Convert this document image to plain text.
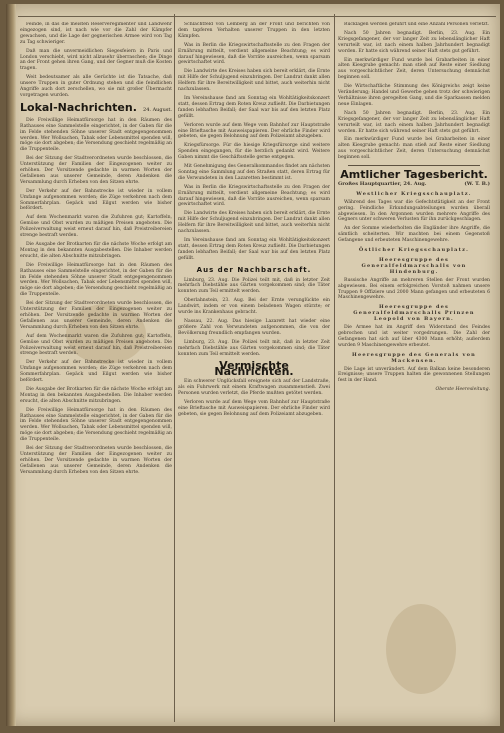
Feinde, in das die meisten Reserveregimenter und Landwehr eingezogen sind, ist nach wie vor die Zahl der Kämpfer gewachsen, und die Lage der gegnerischen Armee wird von Tag zu Tag schwieriger.

Daß man die unvermeidlichen Siegesfeiern in Paris und London verschiebt, wird nicht allzusehr überraschen; die Dinge an der Front gehen ihren Gang, und der Gegner muß die Kosten tragen.

Weit bedeutsamer als alle Gerüchte ist die Tatsache, daß unsere Truppen in guter Ordnung stehen und die feindlichen Angriffe auch dort zerschellen, wo sie mit großer Übermacht vorgetragen wurden.

Lokal-Nachrichten. 24. August.

Die Freiwillige Heimatfürsorge hat in den Räumen des Rathauses eine Sammelstelle eingerichtet, in der Gaben für die im Felde stehenden Söhne unserer Stadt entgegengenommen werden. Wer Wollsachen, Tabak oder Lebensmittel spenden will, möge sie dort abgeben; die Versendung geschieht regelmäßig an die Truppenteile.

Bei der Sitzung der Stadtverordneten wurde beschlossen, die Unterstützung der Familien der Eingezogenen weiter zu erhöhen. Der Vorsitzende gedachte in warmen Worten der Gefallenen aus unserer Gemeinde, deren Andenken die Versammlung durch Erheben von den Sitzen ehrte.

Der Verkehr auf der Bahnstrecke ist wieder in vollem Umfange aufgenommen worden; die Züge verkehren nach dem Sommerfahrplan. Gepäck und Eilgut werden wie bisher befördert.

Auf dem Wochenmarkt waren die Zufuhren gut; Kartoffeln, Gemüse und Obst wurden zu mäßigen Preisen angeboten. Die Polizeiverwaltung weist erneut darauf hin, daß Preistreibereien strenge bestraft werden.

Die Ausgabe der Brotkarten für die nächste Woche erfolgt am Montag in den bekannten Ausgabestellen. Die Inhaber werden ersucht, die alten Abschnitte mitzubringen.

Die Freiwillige Heimatfürsorge hat in den Räumen des Rathauses eine Sammelstelle eingerichtet, in der Gaben für die im Felde stehenden Söhne unserer Stadt entgegengenommen werden. Wer Wollsachen, Tabak oder Lebensmittel spenden will, möge sie dort abgeben; die Versendung geschieht regelmäßig an die Truppenteile.

Bei der Sitzung der Stadtverordneten wurde beschlossen, die Unterstützung der Familien der Eingezogenen weiter zu erhöhen. Der Vorsitzende gedachte in warmen Worten der Gefallenen aus unserer Gemeinde, deren Andenken die Versammlung durch Erheben von den Sitzen ehrte.

Auf dem Wochenmarkt waren die Zufuhren gut; Kartoffeln, Gemüse und Obst wurden zu mäßigen Preisen angeboten. Die Polizeiverwaltung weist erneut darauf hin, daß Preistreibereien strenge bestraft werden.

Der Verkehr auf der Bahnstrecke ist wieder in vollem Umfange aufgenommen worden; die Züge verkehren nach dem Sommerfahrplan. Gepäck und Eilgut werden wie bisher befördert.

Die Ausgabe der Brotkarten für die nächste Woche erfolgt am Montag in den bekannten Ausgabestellen. Die Inhaber werden ersucht, die alten Abschnitte mitzubringen.

Die Freiwillige Heimatfürsorge hat in den Räumen des Rathauses eine Sammelstelle eingerichtet, in der Gaben für die im Felde stehenden Söhne unserer Stadt entgegengenommen werden. Wer Wollsachen, Tabak oder Lebensmittel spenden will, möge sie dort abgeben; die Versendung geschieht regelmäßig an die Truppenteile.

Bei der Sitzung der Stadtverordneten wurde beschlossen, die Unterstützung der Familien der Eingezogenen weiter zu erhöhen. Der Vorsitzende gedachte in warmen Worten der Gefallenen aus unserer Gemeinde, deren Andenken die Versammlung durch Erheben von den Sitzen ehrte.

Schlachtfeld von Lemberg an der Front und berichten von dem tapferen Verhalten unserer Truppen in den letzten Kämpfen.

Was in Berlin die Kriegswirtschaftsstelle zu den Fragen der Ernährung mitteilt, verdient allgemeine Beachtung; es wird darauf hingewiesen, daß die Vorräte ausreichen, wenn sparsam gewirtschaftet wird.

Die Landwirte des Kreises haben sich bereit erklärt, die Ernte mit Hilfe der Schuljugend einzubringen. Der Landrat dankt allen Helfern für ihre Bereitwilligkeit und bittet, auch weiterhin nicht nachzulassen.

Im Vereinshause fand am Sonntag ein Wohltätigkeitskonzert statt, dessen Ertrag dem Roten Kreuz zufließt. Die Darbietungen fanden lebhaften Beifall; der Saal war bis auf den letzten Platz gefüllt.

Verloren wurde auf dem Wege vom Bahnhof zur Hauptstraße eine Brieftasche mit Ausweispapieren. Der ehrliche Finder wird gebeten, sie gegen Belohnung auf dem Polizeiamt abzugeben.

Kriegsfürsorge. Für die hiesige Kriegsfürsorge sind weitere Spenden eingegangen, für die herzlich gedankt wird. Weitere Gaben nimmt die Geschäftsstelle gerne entgegen.

Mit Genehmigung des Generalkommandos findet am nächsten Sonntag eine Sammlung auf den Straßen statt, deren Ertrag für die Verwundeten in den Lazaretten bestimmt ist.

Was in Berlin die Kriegswirtschaftsstelle zu den Fragen der Ernährung mitteilt, verdient allgemeine Beachtung; es wird darauf hingewiesen, daß die Vorräte ausreichen, wenn sparsam gewirtschaftet wird.

Die Landwirte des Kreises haben sich bereit erklärt, die Ernte mit Hilfe der Schuljugend einzubringen. Der Landrat dankt allen Helfern für ihre Bereitwilligkeit und bittet, auch weiterhin nicht nachzulassen.

Im Vereinshause fand am Sonntag ein Wohltätigkeitskonzert statt, dessen Ertrag dem Roten Kreuz zufließt. Die Darbietungen fanden lebhaften Beifall; der Saal war bis auf den letzten Platz gefüllt.

Aus der Nachbarschaft.

Limburg, 23. Aug. Die Polizei teilt mit, daß in letzter Zeit mehrfach Diebstähle aus Gärten vorgekommen sind; die Täter konnten zum Teil ermittelt werden.

Oberlahnstein, 23. Aug. Bei der Ernte verunglückte ein Landwirt, indem er von einem beladenen Wagen stürzte; er wurde ins Krankenhaus gebracht.

Nassau, 22. Aug. Das hiesige Lazarett hat wieder eine größere Zahl von Verwundeten aufgenommen, die von der Bevölkerung freundlich empfangen wurden.

Limburg, 23. Aug. Die Polizei teilt mit, daß in letzter Zeit mehrfach Diebstähle aus Gärten vorgekommen sind; die Täter konnten zum Teil ermittelt werden.

Vermischte Nachrichten.

Ein schwerer Unglücksfall ereignete sich auf der Landstraße, als ein Fuhrwerk mit einem Kraftwagen zusammenstieß. Zwei Personen wurden verletzt, die Pferde mußten getötet werden.

Verloren wurde auf dem Wege vom Bahnhof zur Hauptstraße eine Brieftasche mit Ausweispapieren. Der ehrliche Finder wird gebeten, sie gegen Belohnung auf dem Polizeiamt abzugeben.

Rücklagen werden geführt und eine Anzahl Personen verletzt.

Nach 50 Jahren begnadigt. Berlin, 23. Aug. Ein Kriegsgefangener, der vor langer Zeit zu lebenslänglicher Haft verurteilt war, ist nach einem halben Jahrhundert begnadigt worden. Er hatte sich während seiner Haft stets gut geführt.

Ein merkwürdiger Fund wurde bei Grabarbeiten in einer alten Kiesgrube gemacht: man stieß auf Reste einer Siedlung aus vorgeschichtlicher Zeit, deren Untersuchung demnächst beginnen soll.

Die Wirtschaftliche Stimmung des Königreichs zeigt keine Veränderung; Handel und Gewerbe gehen trotz der schwierigen Verhältnisse ihren geregelten Gang, und die Sparkassen melden neue Einlagen.

Nach 50 Jahren begnadigt. Berlin, 23. Aug. Ein Kriegsgefangener, der vor langer Zeit zu lebenslänglicher Haft verurteilt war, ist nach einem halben Jahrhundert begnadigt worden. Er hatte sich während seiner Haft stets gut geführt.

Ein merkwürdiger Fund wurde bei Grabarbeiten in einer alten Kiesgrube gemacht: man stieß auf Reste einer Siedlung aus vorgeschichtlicher Zeit, deren Untersuchung demnächst beginnen soll.

Amtlicher Tagesbericht.
Großes Hauptquartier, 24. Aug.	(W. T. B.)
Westlicher Kriegsschauplatz.

Während des Tages war die Gefechtstätigkeit an der Front gering. Feindliche Erkundungsabteilungen wurden überall abgewiesen. In den Argonnen wurden mehrere Angriffe des Gegners unter schweren Verlusten für ihn zurückgeschlagen.

An der Somme wiederholten die Engländer ihre Angriffe, die sämtlich scheiterten. Wir machten bei einem Gegenstoß Gefangene und erbeuteten Maschinengewehre.

Östlicher Kriegsschauplatz.
Heeresgruppe des Generalfeldmarschalls von Hindenburg.

Russische Angriffe an mehreren Stellen der Front wurden abgewiesen. Bei einem erfolgreichen Vorstoß nahmen unsere Truppen 9 Offiziere und 2000 Mann gefangen und erbeuteten 6 Maschinengewehre.

Heeresgruppe des Generalfeldmarschalls Prinzen Leopold von Bayern.

Die Armee hat im Angriff den Widerstand des Feindes gebrochen und ist weiter vorgedrungen. Die Zahl der Gefangenen hat sich auf über 4300 Mann erhöht; außerdem wurden 9 Maschinengewehre erbeutet.

Heeresgruppe des Generals von Mackensen.

Die Lage ist unverändert. Auf dem Balkan keine besonderen Ereignisse; unsere Truppen halten die gewonnenen Stellungen fest in der Hand.

Oberste Heeresleitung.
